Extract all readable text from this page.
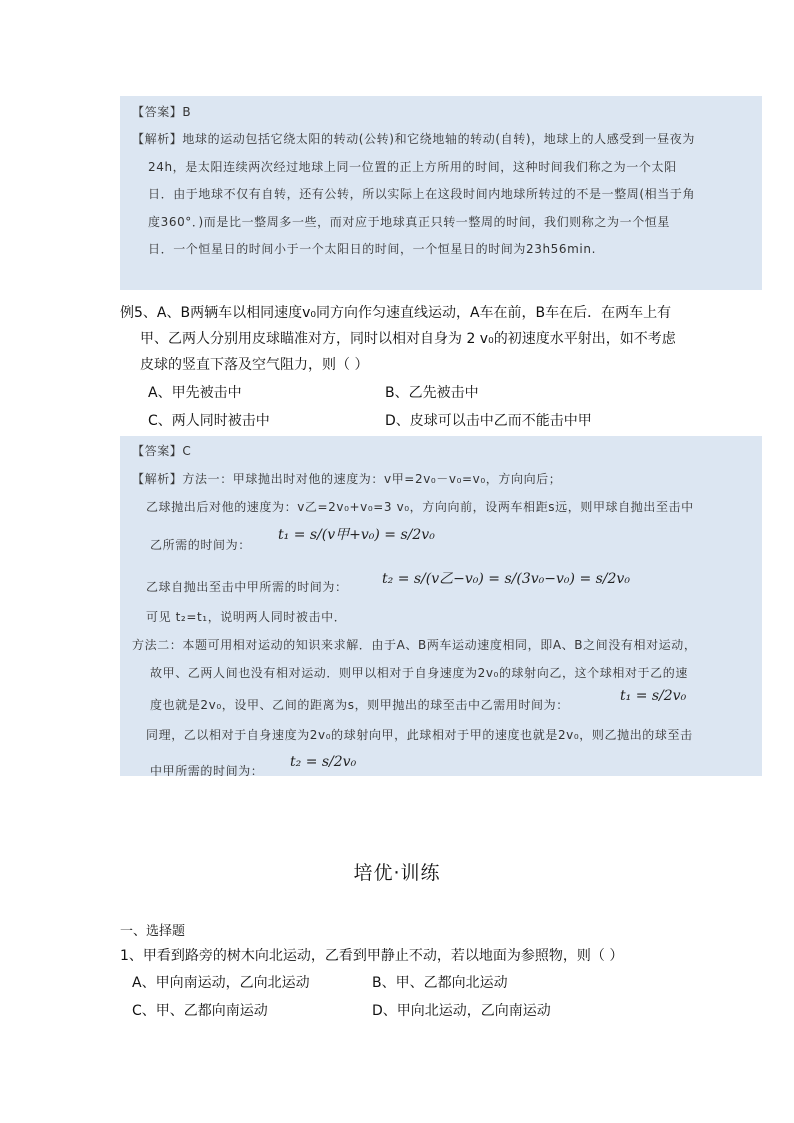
【答案】B
【解析】地球的运动包括它绕太阳的转动(公转)和它绕地轴的转动(自转)，地球上的人感受到一昼夜为
24h，是太阳连续两次经过地球上同一位置的正上方所用的时间，这种时间我们称之为一个太阳
日．由于地球不仅有自转，还有公转，所以实际上在这段时间内地球所转过的不是一整周(相当于角
度360°．)而是比一整周多一些，而对应于地球真正只转一整周的时间，我们则称之为一个恒星
日．一个恒星日的时间小于一个太阳日的时间，一个恒星日的时间为23h56min.
例5、A、B两辆车以相同速度v₀同方向作匀速直线运动，A车在前，B车在后．在两车上有
甲、乙两人分别用皮球瞄准对方，同时以相对自身为 2 v₀的初速度水平射出，如不考虑
皮球的竖直下落及空气阻力，则（ ）
A、甲先被击中	B、乙先被击中
C、两人同时被击中	D、皮球可以击中乙而不能击中甲
【答案】C
【解析】方法一：甲球抛出时对他的速度为：v甲=2v₀－v₀=v₀，方向向后；
乙球抛出后对他的速度为：v乙=2v₀+v₀=3 v₀，方向向前，设两车相距s远，则甲球自抛出至击中
乙所需的时间为：
t₁ = s/(v甲+v₀) = s/2v₀
乙球自抛出至击中甲所需的时间为： t₂ = s/(v乙−v₀) = s/(3v₀−v₀) = s/2v₀
可见 t₂=t₁，说明两人同时被击中．
方法二：本题可用相对运动的知识来求解．由于A、B两车运动速度相同，即A、B之间没有相对运动，
故甲、乙两人间也没有相对运动．则甲以相对于自身速度为2v₀的球射向乙，这个球相对于乙的速
度也就是2v₀，设甲、乙间的距离为s，则甲抛出的球至击中乙需用时间为：
t₁ = s/2v₀
同理，乙以相对于自身速度为2v₀的球射向甲，此球相对于甲的速度也就是2v₀，则乙抛出的球至击
中甲所需的时间为：
t₂ = s/2v₀
培优·训练
一、选择题
1、甲看到路旁的树木向北运动，乙看到甲静止不动，若以地面为参照物，则（ ）
A、甲向南运动，乙向北运动	B、甲、乙都向北运动
C、甲、乙都向南运动	D、甲向北运动，乙向南运动
